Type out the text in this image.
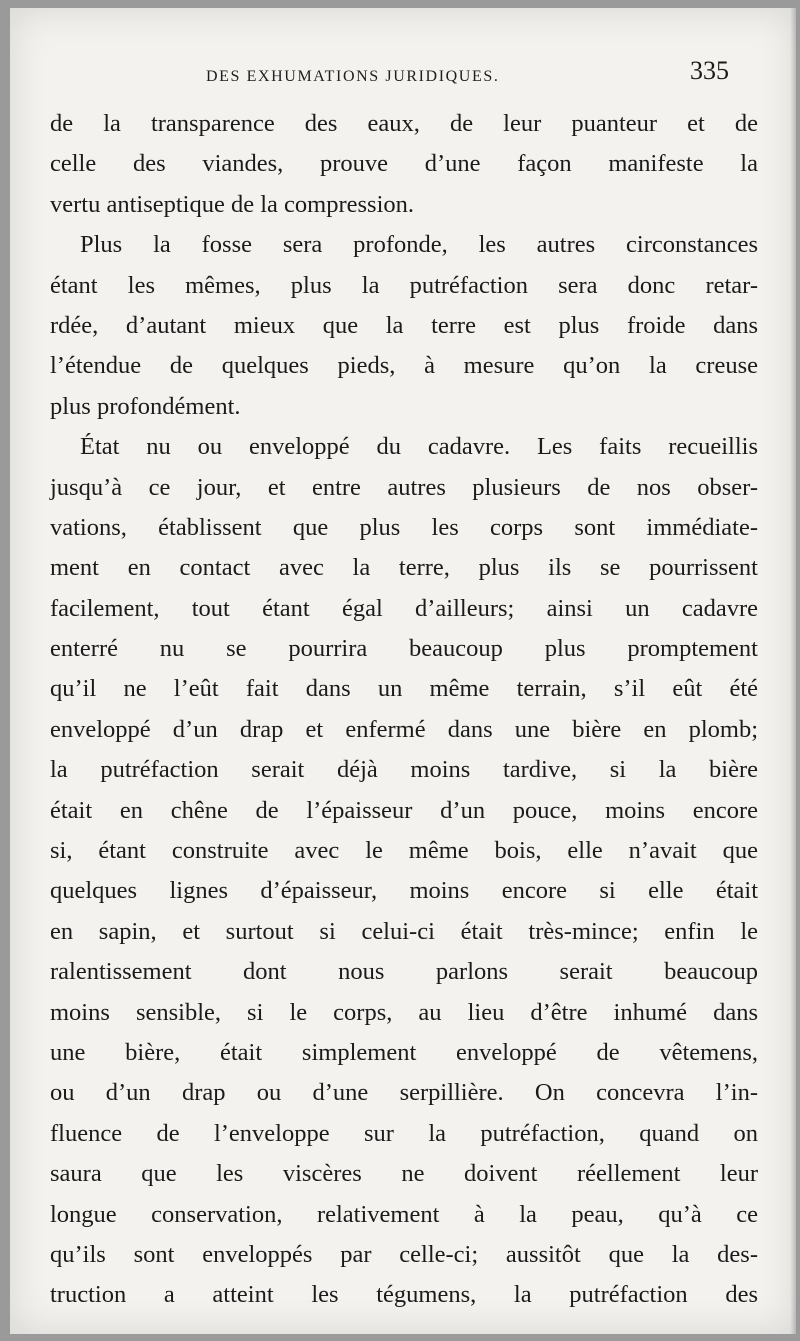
DES EXHUMATIONS JURIDIQUES.	335
de la transparence des eaux, de leur puanteur et de
celle des viandes, prouve d’une façon manifeste la
vertu antiseptique de la compression.
Plus la fosse sera profonde, les autres circonstances
étant les mêmes, plus la putréfaction sera donc retar-
rdée, d’autant mieux que la terre est plus froide dans
l’étendue de quelques pieds, à mesure qu’on la creuse
plus profondément.
État nu ou enveloppé du cadavre. Les faits recueillis
jusqu’à ce jour, et entre autres plusieurs de nos obser-
vations, établissent que plus les corps sont immédiate-
ment en contact avec la terre, plus ils se pourrissent
facilement, tout étant égal d’ailleurs; ainsi un cadavre
enterré nu se pourrira beaucoup plus promptement
qu’il ne l’eût fait dans un même terrain, s’il eût été
enveloppé d’un drap et enfermé dans une bière en plomb;
la putréfaction serait déjà moins tardive, si la bière
était en chêne de l’épaisseur d’un pouce, moins encore
si, étant construite avec le même bois, elle n’avait que
quelques lignes d’épaisseur, moins encore si elle était
en sapin, et surtout si celui-ci était très-mince; enfin le
ralentissement dont nous parlons serait beaucoup
moins sensible, si le corps, au lieu d’être inhumé dans
une bière, était simplement enveloppé de vêtemens,
ou d’un drap ou d’une serpillière. On concevra l’in-
fluence de l’enveloppe sur la putréfaction, quand on
saura que les viscères ne doivent réellement leur
longue conservation, relativement à la peau, qu’à ce
qu’ils sont enveloppés par celle-ci; aussitôt que la des-
truction a atteint les tégumens, la putréfaction des
